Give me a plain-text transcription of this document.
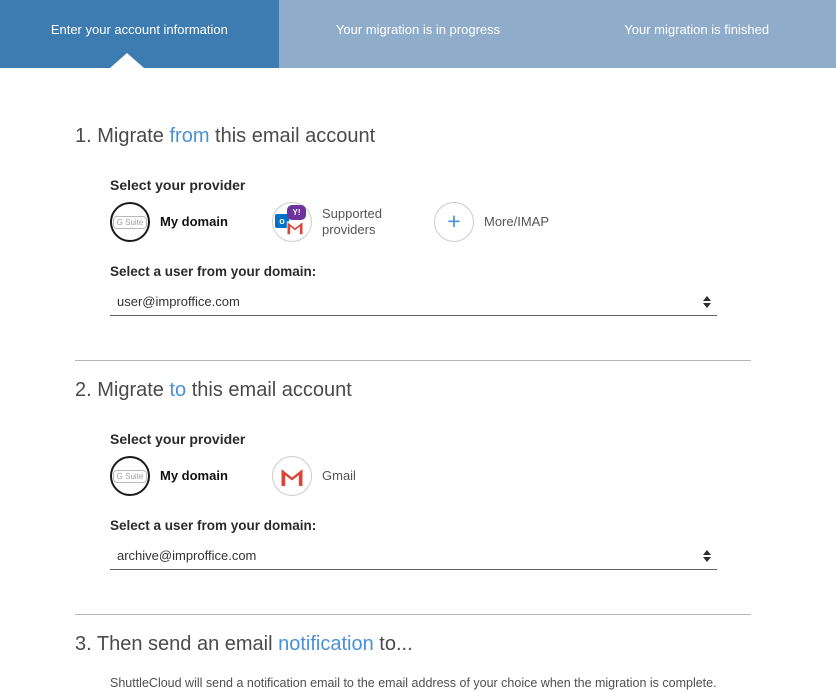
Enter your account information	Your migration is in progress	Your migration is finished
1. Migrate from this email account
Select your provider
G Suite	My domain	o
Y!	Supported providers	+ More/IMAP
Select a user from your domain:
user@improffice.com
2. Migrate to this email account
Select your provider
G Suite	My domain	Gmail
Select a user from your domain:
archive@improffice.com
3. Then send an email notification to...

ShuttleCloud will send a notification email to the email address of your choice when the migration is complete.
